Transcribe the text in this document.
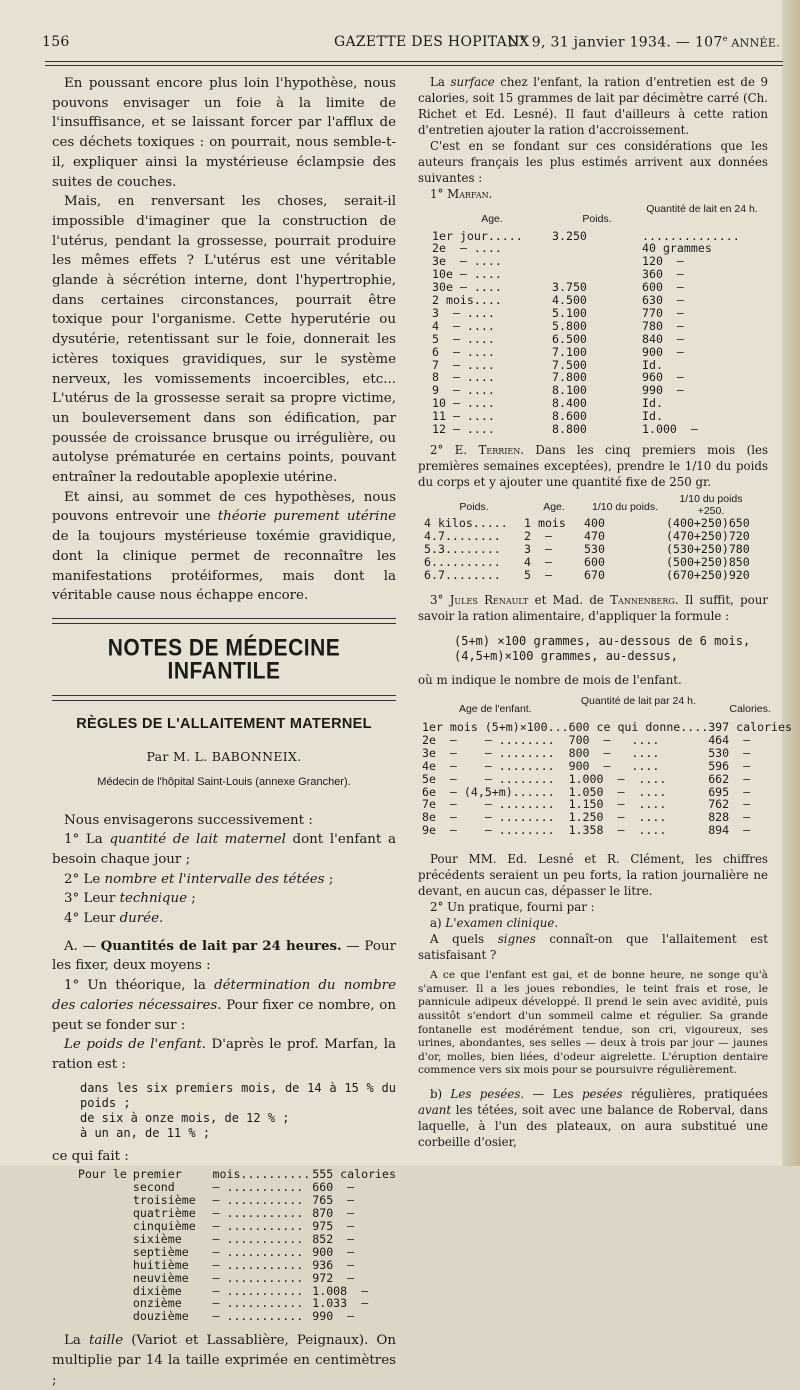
156	GAZETTE DES HOPITAUX
N° 9, 31 janvier 1934. — 107e ANNÉE.

En poussant encore plus loin l'hypothèse, nous pouvons envisager un foie à la limite de l'insuffisance, et se laissant forcer par l'afflux de ces déchets toxiques : on pourrait, nous semble-t-il, expliquer ainsi la mystérieuse éclampsie des suites de couches.

Mais, en renversant les choses, serait-il impossible d'imaginer que la construction de l'utérus, pendant la grossesse, pourrait produire les mêmes effets ? L'utérus est une véritable glande à sécrétion interne, dont l'hypertrophie, dans certaines circonstances, pourrait être toxique pour l'organisme. Cette hyperutérie ou dysutérie, retentissant sur le foie, donnerait les ictères toxiques gravidiques, sur le système nerveux, les vomissements incoercibles, etc... L'utérus de la grossesse serait sa propre victime, un bouleversement dans son édification, par poussée de croissance brusque ou irrégulière, ou autolyse prématurée en certains points, pouvant entraîner la redoutable apoplexie utérine.

Et ainsi, au sommet de ces hypothèses, nous pouvons entrevoir une théorie purement utérine de la toujours mystérieuse toxémie gravidique, dont la clinique permet de reconnaître les manifestations protéiformes, mais dont la véritable cause nous échappe encore.

NOTES DE MÉDECINE INFANTILE
RÈGLES DE L'ALLAITEMENT MATERNEL
Par M. L. BABONNEIX.
Médecin de l'hôpital Saint-Louis (annexe Grancher).

Nous envisagerons successivement :

1° La quantité de lait maternel dont l'enfant a besoin chaque jour ;

2° Le nombre et l'intervalle des tétées ;

3° Leur technique ;

4° Leur durée.

A. — Quantités de lait par 24 heures. — Pour les fixer, deux moyens :

1° Un théorique, la détermination du nombre des calories nécessaires. Pour fixer ce nombre, on peut se fonder sur :

Le poids de l'enfant. D'après le prof. Marfan, la ration est :

dans les six premiers mois, de 14 à 15 % du poids ;
de six à onze mois, de 12 % ;
à un an, de 11 % ;

ce qui fait :

Pour le	premier	mois..........	555 calories
	second	— ...........	660  —
	troisième	— ...........	765  —
	quatrième	— ...........	870  —
	cinquième	— ...........	975  —
	sixième	— ...........	852  —
	septième	— ...........	900  —
	huitième	— ...........	936  —
	neuvième	— ...........	972  —
	dixième	— ...........	1.008  —
	onzième	— ...........	1.033  —
	douzième	— ...........	990  —

La taille (Variot et Lassablière, Peignaux). On multiplie par 14 la taille exprimée en centimètres ;

La surface chez l'enfant, la ration d'entretien est de 9 calories, soit 15 grammes de lait par décimètre carré (Ch. Richet et Ed. Lesné). Il faut d'ailleurs à cette ration d'entretien ajouter la ration d'accroissement.

C'est en se fondant sur ces considérations que les auteurs français les plus estimés arrivent aux données suivantes :

1° Marfan.

Age.	Poids.	Quantité de lait en 24 h.
1er jour.....	3.250	..............
2e  — ....		40 grammes
3e  — ....		120  —
10e — ....		360  —
30e — ....	3.750	600  —
2 mois....	4.500	630  —
3  — ....	5.100	770  —
4  — ....	5.800	780  —
5  — ....	6.500	840  —
6  — ....	7.100	900  —
7  — ....	7.500	Id.
8  — ....	7.800	960  —
9  — ....	8.100	990  —
10 — ....	8.400	Id.
11 — ....	8.600	Id.
12 — ....	8.800	1.000  —

2° E. Terrien. Dans les cinq premiers mois (les premières semaines exceptées), prendre le 1/10 du poids du corps et y ajouter une quantité fixe de 250 gr.

Poids.	Age.	1/10 du poids.	1/10 du poids +250.
4 kilos.....	1 mois	400	(400+250)650
4.7........	2  —	470	(470+250)720
5.3........	3  —	530	(530+250)780
6..........	4  —	600	(500+250)850
6.7........	5  —	670	(670+250)920

3° Jules Renault et Mad. de Tannenberg. Il suffit, pour savoir la ration alimentaire, d'appliquer la formule :

(5+m) ×100 grammes, au-dessous de 6 mois,
(4,5+m)×100 grammes, au-dessus,

où m indique le nombre de mois de l'enfant.

Age de l'enfant.	Quantité de lait par 24 h.	Calories.
1er mois (5+m)×100...	600 ce qui donne....	397 calories
2e  —    — ........	700  —   ....	464  —
3e  —    — ........	800  —   ....	530  —
4e  —    — ........	900  —   ....	596  —
5e  —    — ........	1.000  —  ....	662  —
6e  — (4,5+m)......	1.050  —  ....	695  —
7e  —    — ........	1.150  —  ....	762  —
8e  —    — ........	1.250  —  ....	828  —
9e  —    — ........	1.358  —  ....	894  —

Pour MM. Ed. Lesné et R. Clément, les chiffres précédents seraient un peu forts, la ration journalière ne devant, en aucun cas, dépasser le litre.

2° Un pratique, fourni par :

a) L'examen clinique.

A quels signes connaît-on que l'allaitement est satisfaisant ?

A ce que l'enfant est gai, et de bonne heure, ne songe qu'à s'amuser. Il a les joues rebondies, le teint frais et rose, le pannicule adipeux développé. Il prend le sein avec avidité, puis aussitôt s'endort d'un sommeil calme et régulier. Sa grande fontanelle est modérément tendue, son cri, vigoureux, ses urines, abondantes, ses selles — deux à trois par jour — jaunes d'or, molles, bien liées, d'odeur aigrelette. L'éruption dentaire commence vers six mois pour se poursuivre régulièrement.

b) Les pesées. — Les pesées régulières, pratiquées avant les tétées, soit avec une balance de Roberval, dans laquelle, à l'un des plateaux, on aura substitué une corbeille d'osier,
